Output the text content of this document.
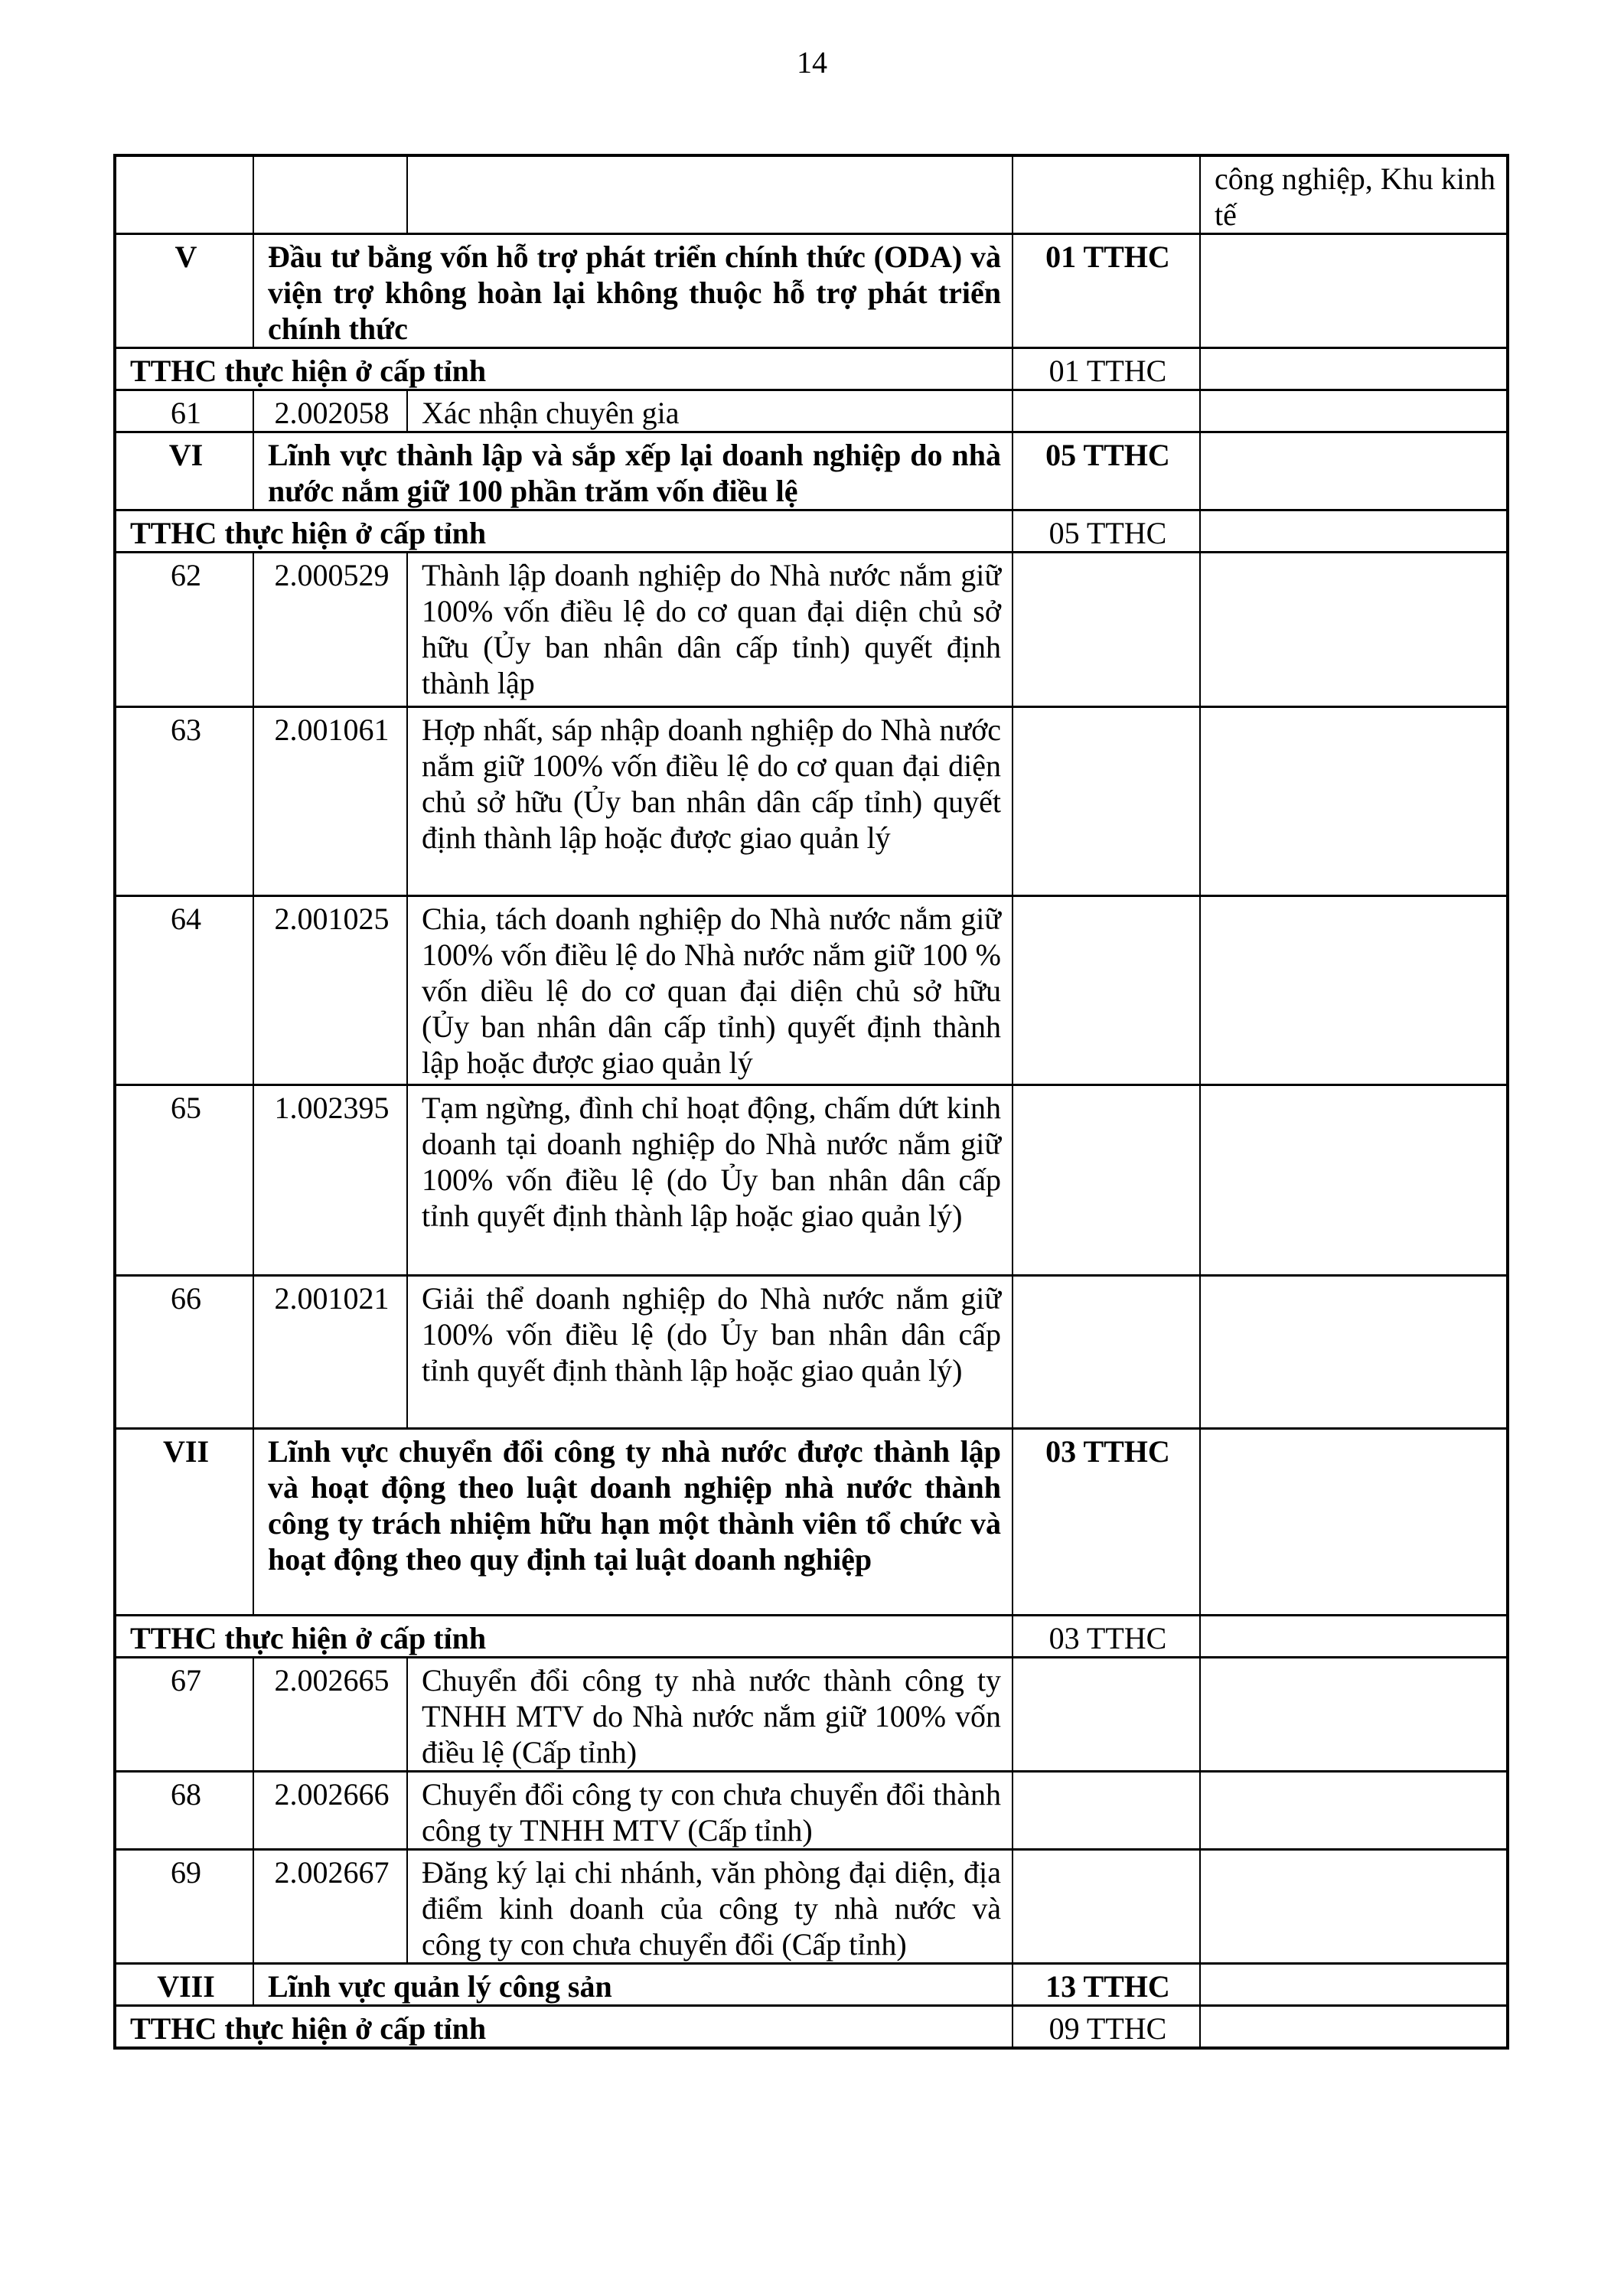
14
				công nghiệp, Khu kinh tế
V	Đầu tư bằng vốn hỗ trợ phát triển chính thức (ODA) và viện trợ không hoàn lại không thuộc hỗ trợ phát triển chính thức		01 TTHC	
TTHC thực hiện ở cấp tỉnh			01 TTHC	
61	2.002058	Xác nhận chuyên gia		
VI	Lĩnh vực thành lập và sắp xếp lại doanh nghiệp do nhà nước nắm giữ 100 phần trăm vốn điều lệ		05 TTHC	
TTHC thực hiện ở cấp tỉnh			05 TTHC	
62	2.000529	Thành lập doanh nghiệp do Nhà nước nắm giữ 100% vốn điều lệ do cơ quan đại diện chủ sở hữu (Ủy ban nhân dân cấp tỉnh) quyết định thành lập		
63	2.001061	Hợp nhất, sáp nhập doanh nghiệp do Nhà nước nắm giữ 100% vốn điều lệ do cơ quan đại diện chủ sở hữu (Ủy ban nhân dân cấp tỉnh) quyết định thành lập hoặc được giao quản lý		
64	2.001025	Chia, tách doanh nghiệp do Nhà nước nắm giữ 100% vốn điều lệ do Nhà nước nắm giữ 100 % vốn diều lệ do cơ quan đại diện chủ sở hữu (Ủy ban nhân dân cấp tỉnh) quyết định thành lập hoặc được giao quản lý		
65	1.002395	Tạm ngừng, đình chỉ hoạt động, chấm dứt kinh doanh tại doanh nghiệp do Nhà nước nắm giữ 100% vốn điều lệ (do Ủy ban nhân dân cấp tỉnh quyết định thành lập hoặc giao quản lý)		
66	2.001021	Giải thể doanh nghiệp do Nhà nước nắm giữ 100% vốn điều lệ (do Ủy ban nhân dân cấp tỉnh quyết định thành lập hoặc giao quản lý)		
VII	Lĩnh vực chuyển đổi công ty nhà nước được thành lập và hoạt động theo luật doanh nghiệp nhà nước thành công ty trách nhiệm hữu hạn một thành viên tổ chức và hoạt động theo quy định tại luật doanh nghiệp		03 TTHC	
TTHC thực hiện ở cấp tỉnh			03 TTHC	
67	2.002665	Chuyển đổi công ty nhà nước thành công ty TNHH MTV do Nhà nước nắm giữ 100% vốn điều lệ (Cấp tỉnh)		
68	2.002666	Chuyển đổi công ty con chưa chuyển đổi thành công ty TNHH MTV (Cấp tỉnh)		
69	2.002667	Đăng ký lại chi nhánh, văn phòng đại diện, địa điểm kinh doanh của công ty nhà nước và công ty con chưa chuyển đổi (Cấp tỉnh)		
VIII	Lĩnh vực quản lý công sản		13 TTHC	
TTHC thực hiện ở cấp tỉnh			09 TTHC	
